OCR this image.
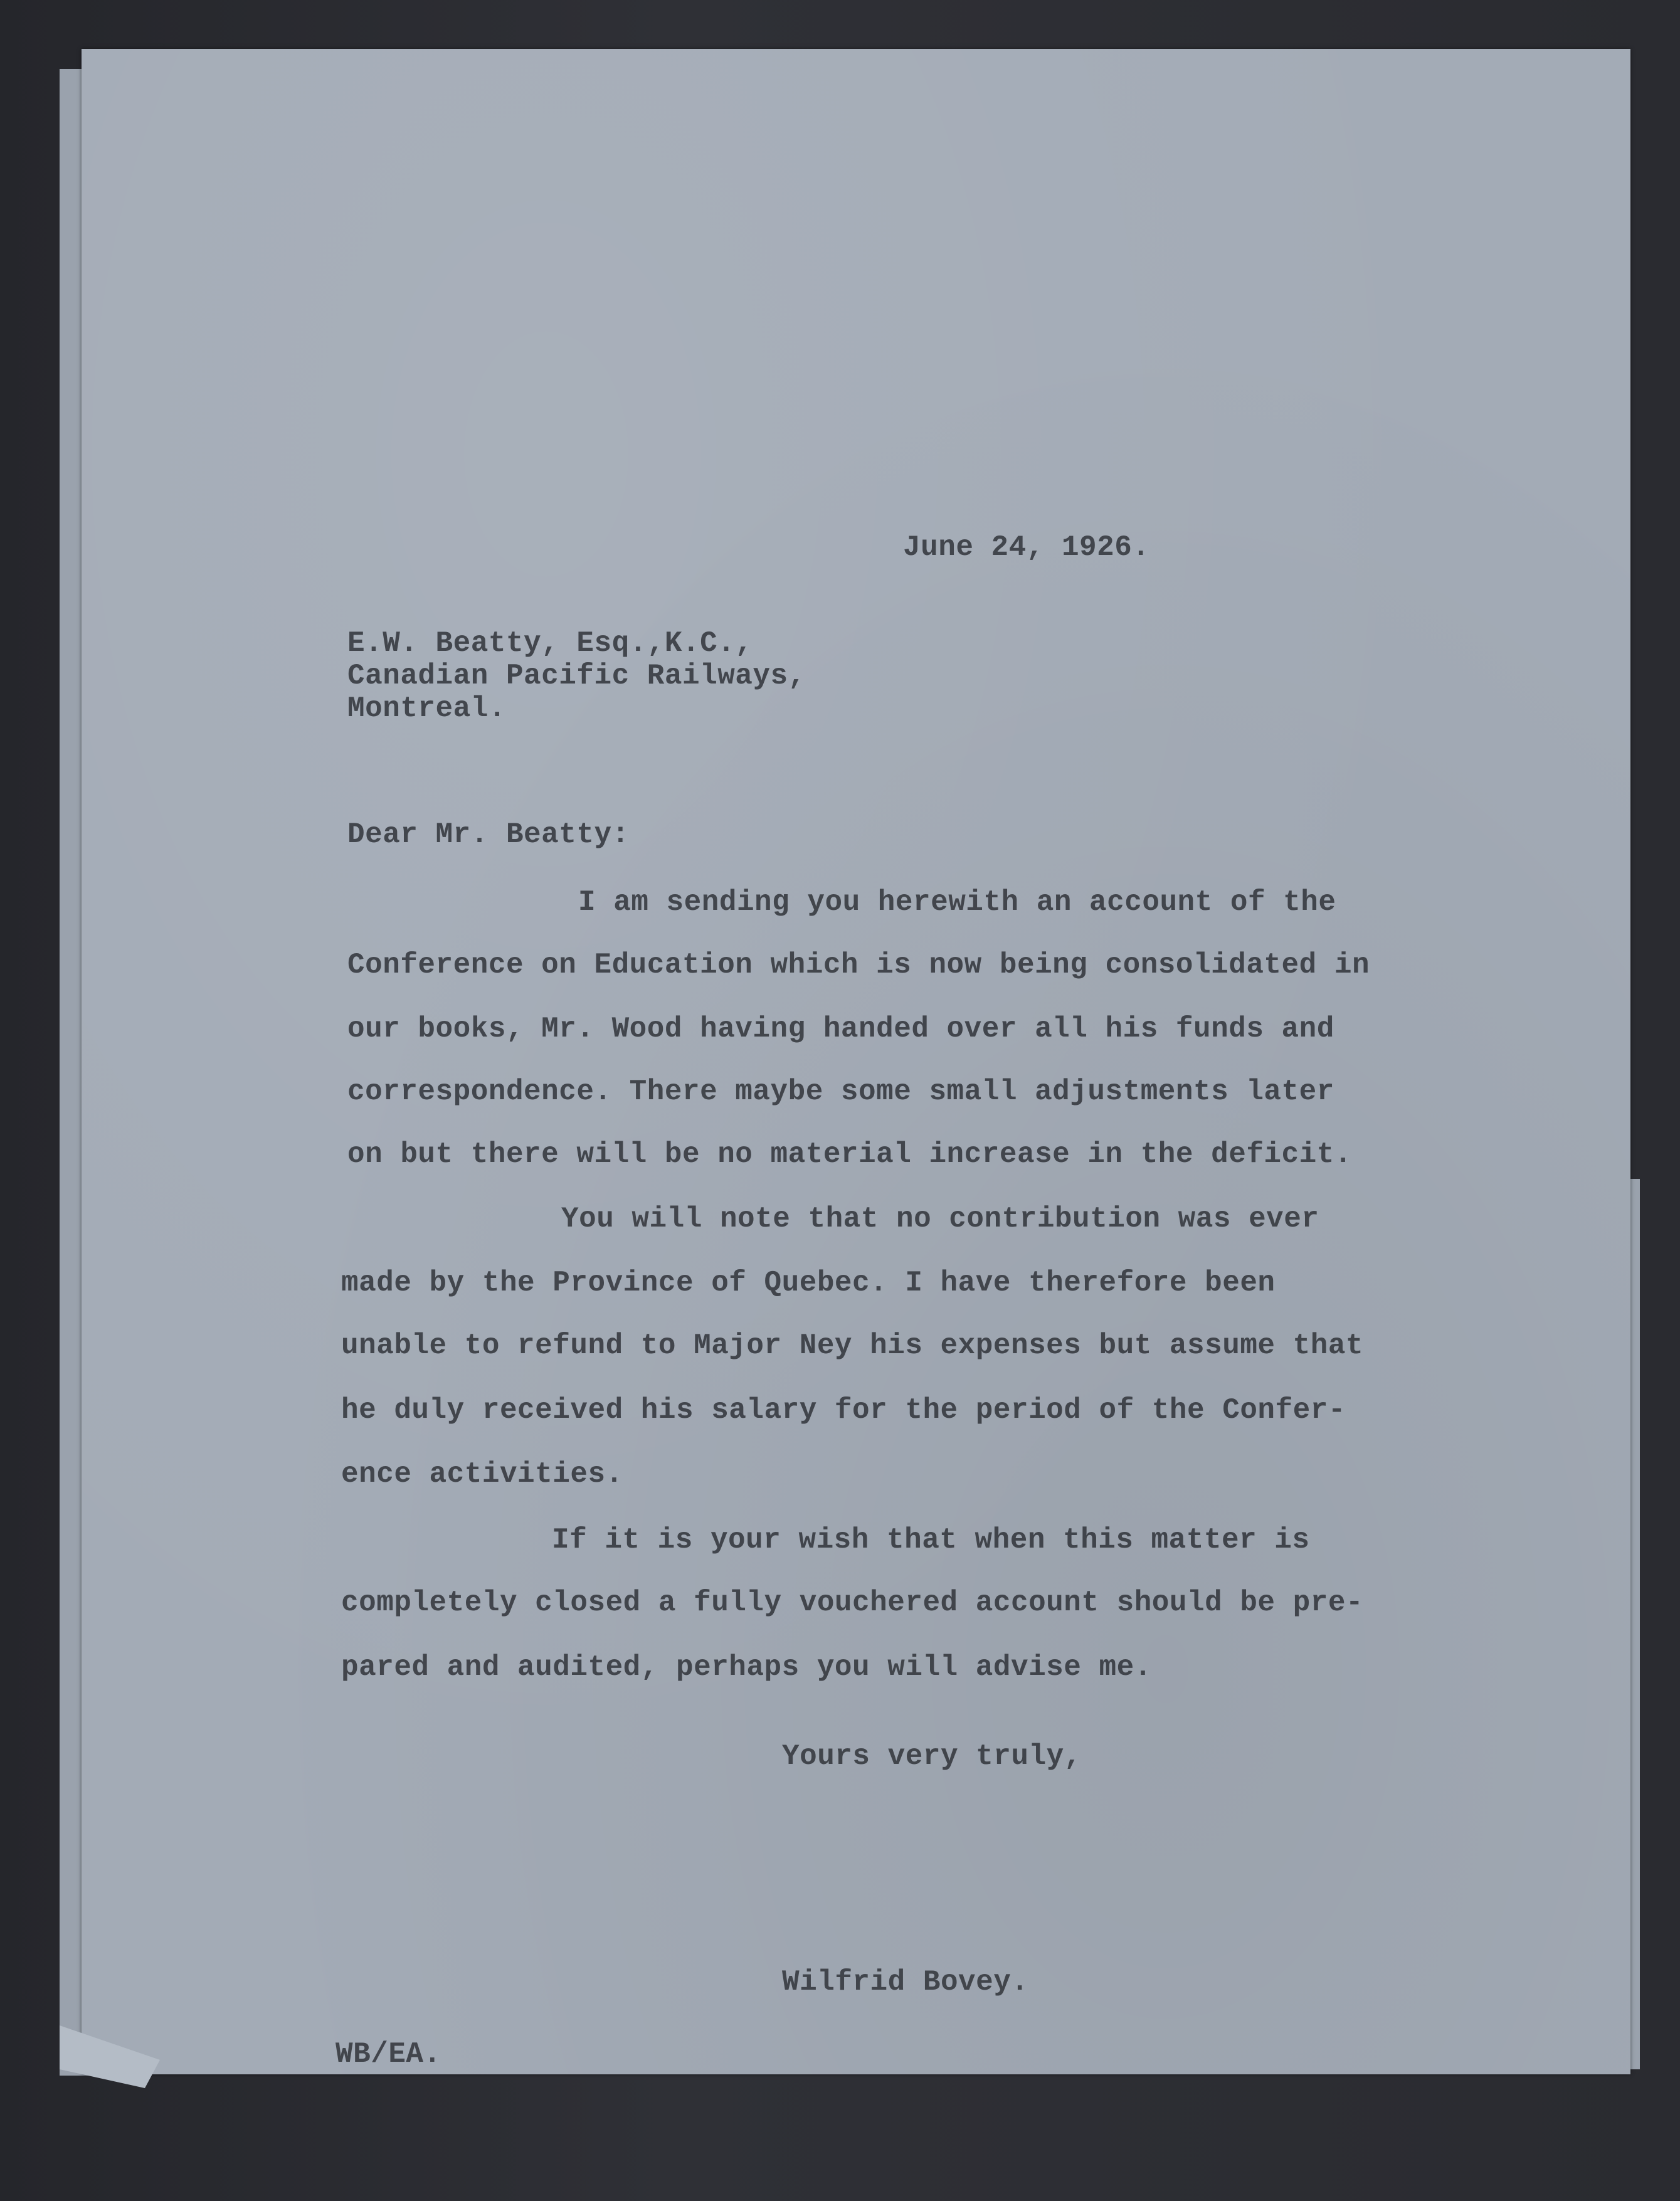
June 24, 1926.
E.W. Beatty, Esq.,K.C.,
Canadian Pacific Railways,
Montreal.
Dear Mr. Beatty:
I am sending you herewith an account of the
Conference on Education which is now being consolidated in
our books, Mr. Wood having handed over all his funds and
correspondence. There maybe some small adjustments later
on but there will be no material increase in the deficit.
You will note that no contribution was ever
made by the Province of Quebec. I have therefore been
unable to refund to Major Ney his expenses but assume that
he duly received his salary for the period of the Confer-
ence activities.
If it is your wish that when this matter is
completely closed a fully vouchered account should be pre-
pared and audited, perhaps you will advise me.
Yours very truly,
Wilfrid Bovey.
WB/EA.
